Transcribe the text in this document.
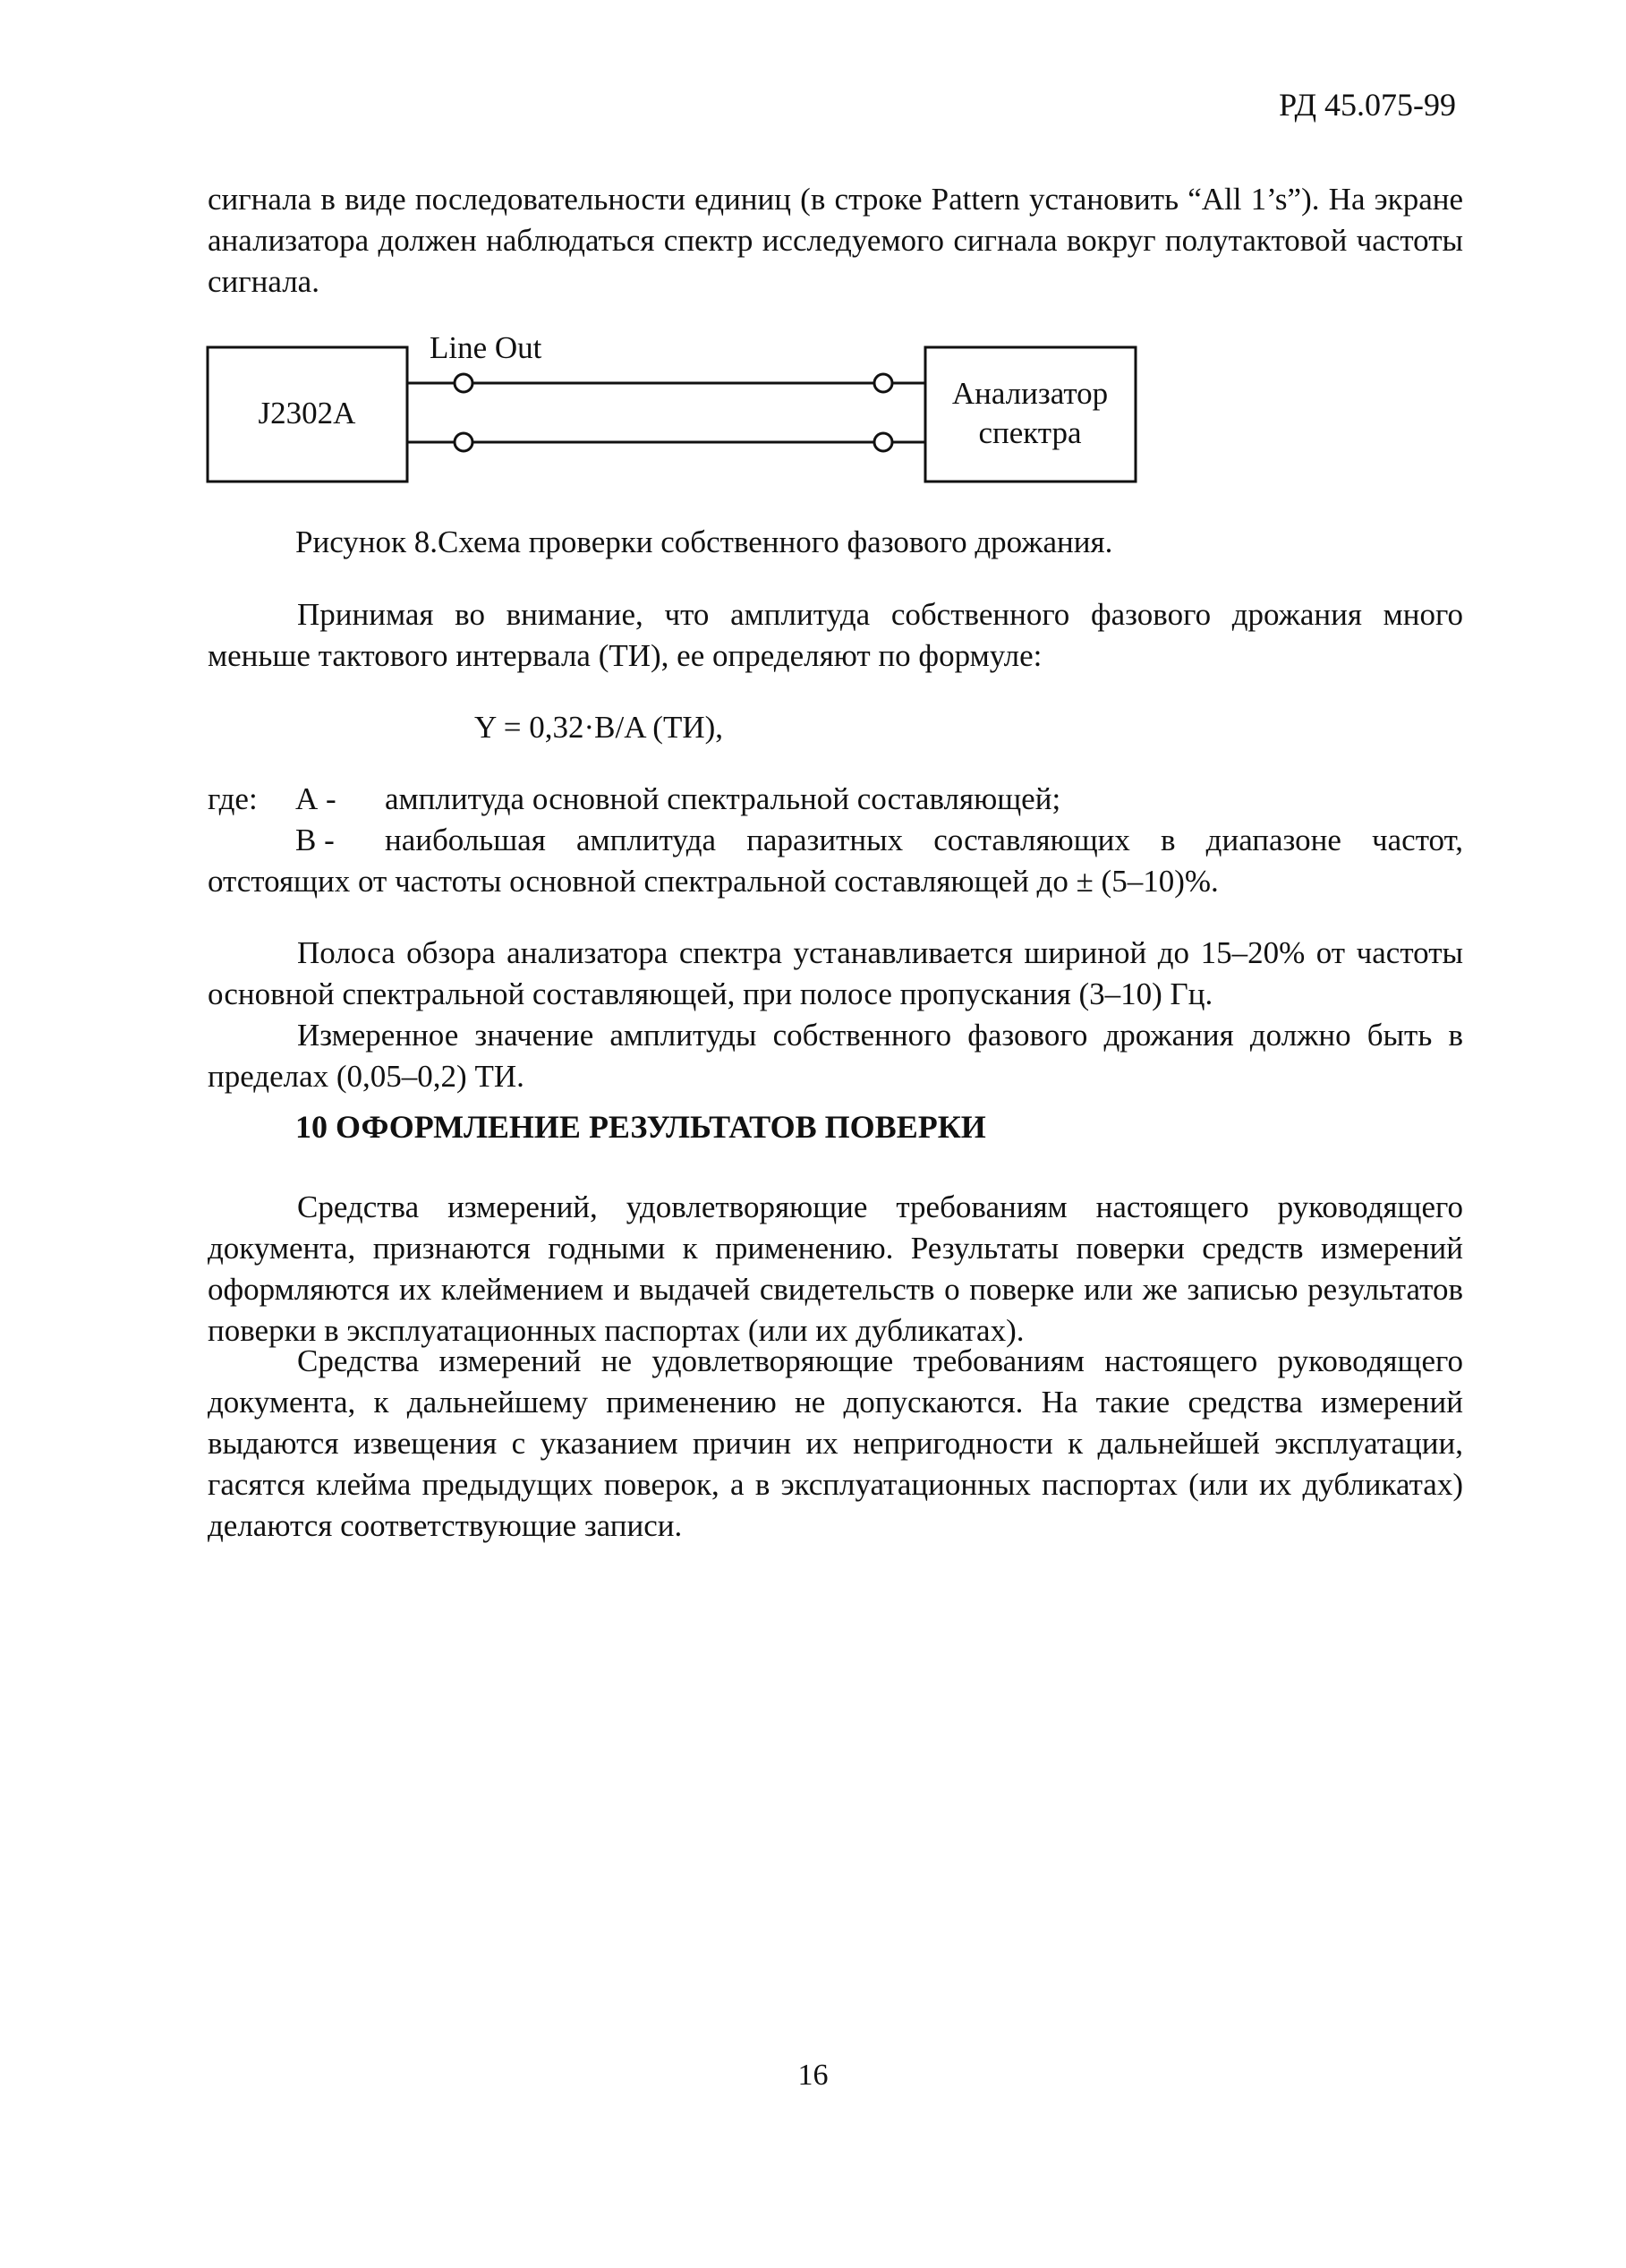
РД 45.075-99

сигнала в виде последовательности единиц (в строке Pattern установить “All 1’s”). На экране анализатора должен наблюдаться спектр исследуемого сигнала вокруг полутактовой частоты сигнала.

J2302A
Line Out
Анализатор
спектра
Рисунок 8.Схема проверки собственного фазового дрожания.

Принимая во внимание, что амплитуда собственного фазового дрожания много меньше тактового интервала (ТИ), ее определяют по формуле:

Y = 0,32·B/A (ТИ),
где:	А -	амплитуда основной спектральной составляющей;
В -	наибольшая амплитуда паразитных составляющих в диапазоне частот,
отстоящих от частоты основной спектральной составляющей до ± (5–10)%.

Полоса обзора анализатора спектра устанавливается шириной до 15–20% от частоты основной спектральной составляющей, при полосе пропускания (3–10) Гц.

Измеренное значение амплитуды собственного фазового дрожания должно быть в пределах (0,05–0,2) ТИ.

10 ОФОРМЛЕНИЕ РЕЗУЛЬТАТОВ ПОВЕРКИ

Средства измерений, удовлетворяющие требованиям настоящего руководящего документа, признаются годными к применению. Результаты поверки средств измерений оформляются их клеймением и выдачей свидетельств о поверке или же записью результатов поверки в эксплуатационных паспортах (или их дубликатах).

Средства измерений не удовлетворяющие требованиям настоящего руководящего документа, к дальнейшему применению не допускаются. На такие средства измерений выдаются извещения с указанием причин их непригодности к дальнейшей эксплуатации, гасятся клейма предыдущих поверок, а в эксплуатационных паспортах (или их дубликатах) делаются соответствующие записи.

16
